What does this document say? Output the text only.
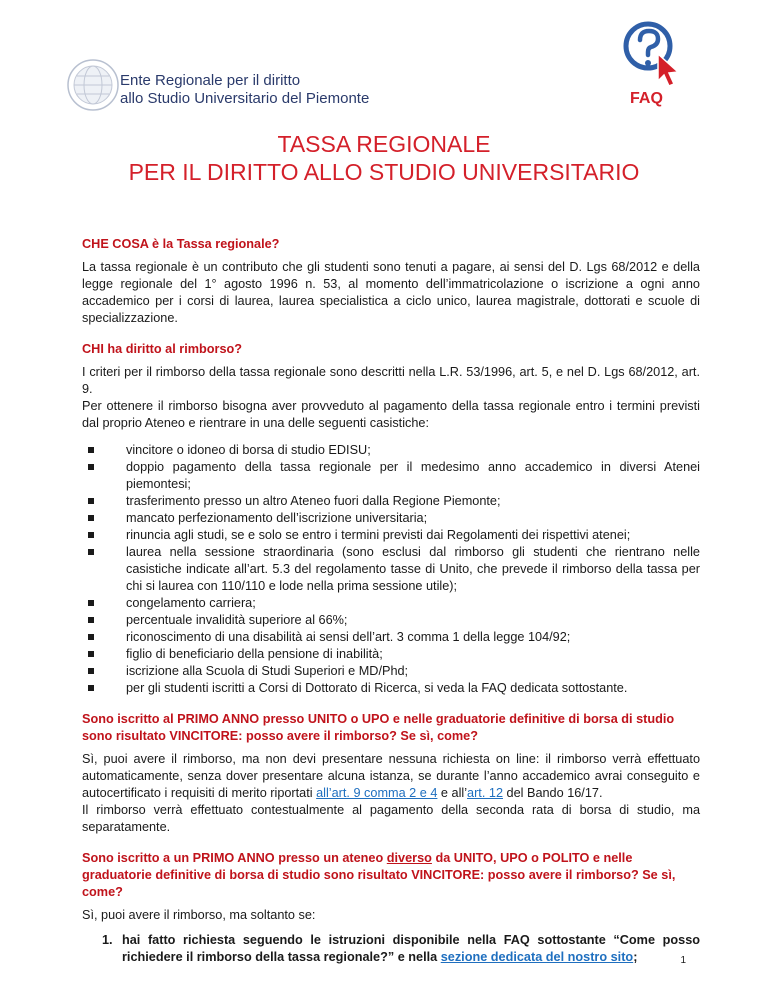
Ente Regionale per il diritto
allo Studio Universitario del Piemonte	FAQ
TASSA REGIONALE
PER IL DIRITTO ALLO STUDIO UNIVERSITARIO
CHE COSA è la Tassa regionale?

La tassa regionale è un contributo che gli studenti sono tenuti a pagare, ai sensi del D. Lgs 68/2012 e della legge regionale del 1° agosto 1996 n. 53, al momento dell’immatricolazione o iscrizione a ogni anno accademico per i corsi di laurea, laurea specialistica a ciclo unico, laurea magistrale, dottorati e scuole di specializzazione.

CHI ha diritto al rimborso?

I criteri per il rimborso della tassa regionale sono descritti nella L.R. 53/1996, art. 5, e nel D. Lgs 68/2012, art. 9.

Per ottenere il rimborso bisogna aver provveduto al pagamento della tassa regionale entro i termini previsti dal proprio Ateneo e rientrare in una delle seguenti casistiche:

vincitore o idoneo di borsa di studio EDISU;
doppio pagamento della tassa regionale per il medesimo anno accademico in diversi Atenei piemontesi;
trasferimento presso un altro Ateneo fuori dalla Regione Piemonte;
mancato perfezionamento dell’iscrizione universitaria;
rinuncia agli studi, se e solo se entro i termini previsti dai Regolamenti dei rispettivi atenei;
laurea nella sessione straordinaria (sono esclusi dal rimborso gli studenti che rientrano nelle casistiche indicate all’art. 5.3 del regolamento tasse di Unito, che prevede il rimborso della tassa per chi si laurea con 110/110 e lode nella prima sessione utile);
congelamento carriera;
percentuale invalidità superiore al 66%;
riconoscimento di una disabilità ai sensi dell’art. 3 comma 1 della legge 104/92;
figlio di beneficiario della pensione di inabilità;
iscrizione alla Scuola di Studi Superiori e MD/Phd;
per gli studenti iscritti a Corsi di Dottorato di Ricerca, si veda la FAQ dedicata sottostante.
Sono iscritto al PRIMO ANNO presso UNITO o UPO e nelle graduatorie definitive di borsa di studio sono risultato VINCITORE: posso avere il rimborso? Se sì, come?

Sì, puoi avere il rimborso, ma non devi presentare nessuna richiesta on line: il rimborso verrà effettuato automaticamente, senza dover presentare alcuna istanza, se durante l’anno accademico avrai conseguito e autocertificato i requisiti di merito riportati all’art. 9 comma 2 e 4 e all’art. 12 del Bando 16/17.

Il rimborso verrà effettuato contestualmente al pagamento della seconda rata di borsa di studio, ma separatamente.

Sono iscritto a un PRIMO ANNO presso un ateneo diverso da UNITO, UPO o POLITO e nelle graduatorie definitive di borsa di studio sono risultato VINCITORE: posso avere il rimborso? Se sì, come?

Sì, puoi avere il rimborso, ma soltanto se:

1. hai fatto richiesta seguendo le istruzioni disponibile nella FAQ sottostante “Come posso richiedere il rimborso della tassa regionale?” e nella sezione dedicata del nostro sito;	1
